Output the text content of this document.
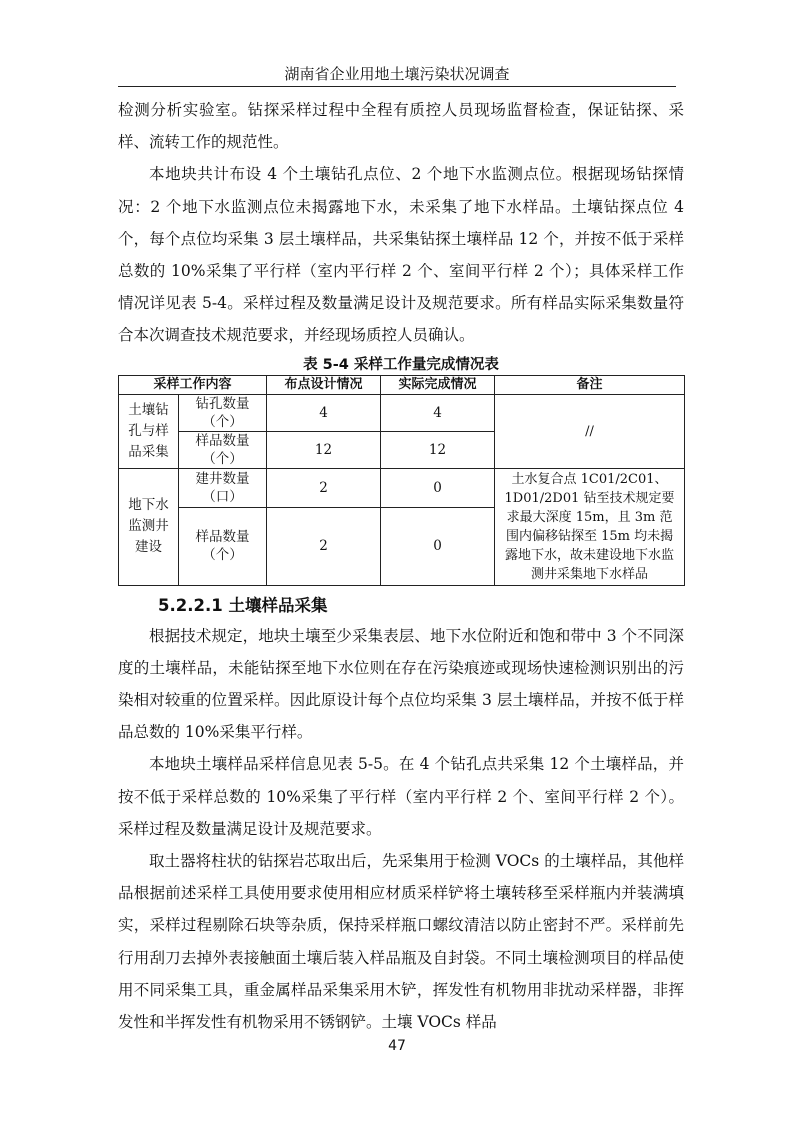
湖南省企业用地土壤污染状况调查

检测分析实验室。钻探采样过程中全程有质控人员现场监督检查，保证钻探、采样、流转工作的规范性。

本地块共计布设 4 个土壤钻孔点位、2 个地下水监测点位。根据现场钻探情况：2 个地下水监测点位未揭露地下水，未采集了地下水样品。土壤钻探点位 4 个，每个点位均采集 3 层土壤样品，共采集钻探土壤样品 12 个，并按不低于采样总数的 10%采集了平行样（室内平行样 2 个、室间平行样 2 个）；具体采样工作情况详见表 5-4。采样过程及数量满足设计及规范要求。所有样品实际采集数量符合本次调查技术规范要求，并经现场质控人员确认。

表 5-4 采样工作量完成情况表
采样工作内容		布点设计情况	实际完成情况	备注
土壤钻孔与样品采集	钻孔数量（个）	4	4	//
	样品数量（个）	12	12	
地下水监测井建设	建井数量（口）	2	0	土水复合点 1C01/2C01、1D01/2D01 钻至技术规定要求最大深度 15m，且 3m 范围内偏移钻探至 15m 均未揭露地下水，故未建设地下水监测井采集地下水样品
	样品数量（个）	2	0	
5.2.2.1 土壤样品采集

根据技术规定，地块土壤至少采集表层、地下水位附近和饱和带中 3 个不同深度的土壤样品，未能钻探至地下水位则在存在污染痕迹或现场快速检测识别出的污染相对较重的位置采样。因此原设计每个点位均采集 3 层土壤样品，并按不低于样品总数的 10%采集平行样。

本地块土壤样品采样信息见表 5-5。在 4 个钻孔点共采集 12 个土壤样品，并按不低于采样总数的 10%采集了平行样（室内平行样 2 个、室间平行样 2 个）。采样过程及数量满足设计及规范要求。

取土器将柱状的钻探岩芯取出后，先采集用于检测 VOCs 的土壤样品，其他样品根据前述采样工具使用要求使用相应材质采样铲将土壤转移至采样瓶内并装满填实，采样过程剔除石块等杂质，保持采样瓶口螺纹清洁以防止密封不严。采样前先行用刮刀去掉外表接触面土壤后装入样品瓶及自封袋。不同土壤检测项目的样品使用不同采集工具，重金属样品采集采用木铲，挥发性有机物用非扰动采样器，非挥发性和半挥发性有机物采用不锈钢铲。土壤 VOCs 样品

47
